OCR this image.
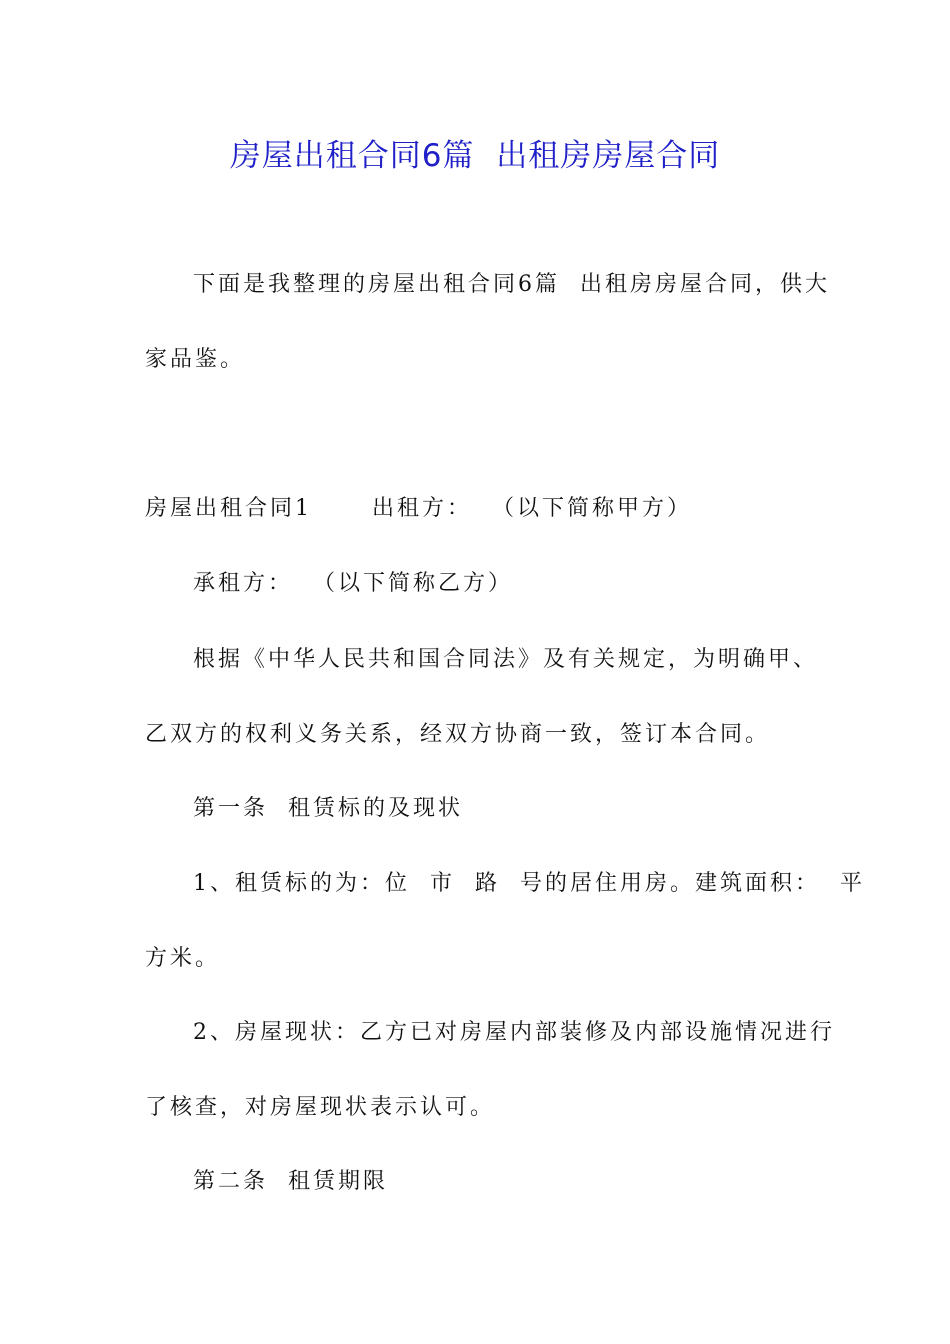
房屋出租合同6篇  出租房房屋合同
下面是我整理的房屋出租合同6篇  出租房房屋合同，供大
家品鉴。
房屋出租合同1      出租方：  （以下简称甲方）
承租方：  （以下简称乙方）
根据《中华人民共和国合同法》及有关规定，为明确甲、
乙双方的权利义务关系，经双方协商一致，签订本合同。
第一条  租赁标的及现状
1、租赁标的为：位  市  路  号的居住用房。建筑面积：  平
方米。
2、房屋现状：乙方已对房屋内部装修及内部设施情况进行
了核查，对房屋现状表示认可。
第二条  租赁期限
